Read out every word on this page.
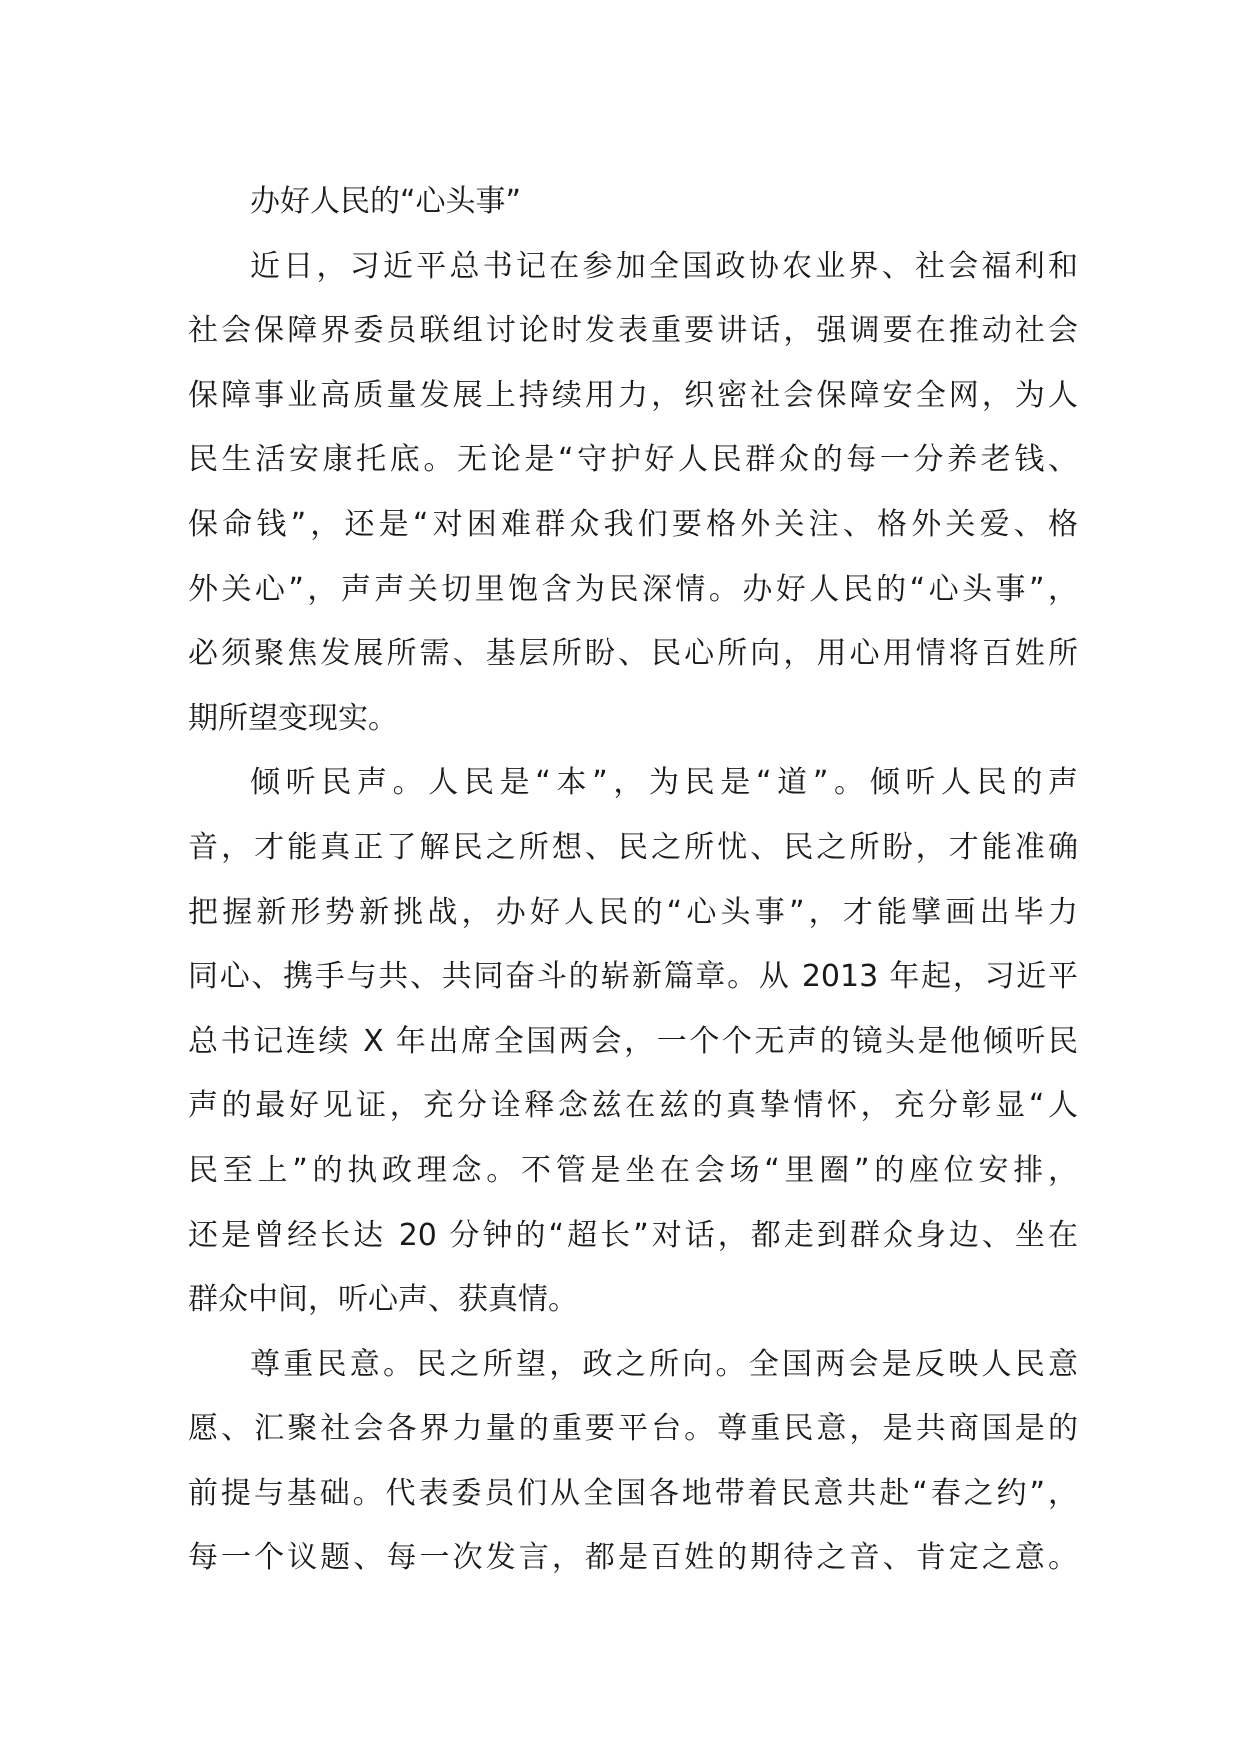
办好人民的“心头事”
近日，习近平总书记在参加全国政协农业界、社会福利和
社会保障界委员联组讨论时发表重要讲话，强调要在推动社会
保障事业高质量发展上持续用力，织密社会保障安全网，为人
民生活安康托底。无论是“守护好人民群众的每一分养老钱、
保命钱”，还是“对困难群众我们要格外关注、格外关爱、格
外关心”，声声关切里饱含为民深情。办好人民的“心头事”，
必须聚焦发展所需、基层所盼、民心所向，用心用情将百姓所
期所望变现实。
倾听民声。人民是“本”，为民是“道”。倾听人民的声
音，才能真正了解民之所想、民之所忧、民之所盼，才能准确
把握新形势新挑战，办好人民的“心头事”，才能擘画出毕力
同心、携手与共、共同奋斗的崭新篇章。从 2013 年起，习近平
总书记连续 X 年出席全国两会，一个个无声的镜头是他倾听民
声的最好见证，充分诠释念兹在兹的真挚情怀，充分彰显“人
民至上”的执政理念。不管是坐在会场“里圈”的座位安排，
还是曾经长达 20 分钟的“超长”对话，都走到群众身边、坐在
群众中间，听心声、获真情。
尊重民意。民之所望，政之所向。全国两会是反映人民意
愿、汇聚社会各界力量的重要平台。尊重民意，是共商国是的
前提与基础。代表委员们从全国各地带着民意共赴“春之约”，
每一个议题、每一次发言，都是百姓的期待之音、肯定之意。
